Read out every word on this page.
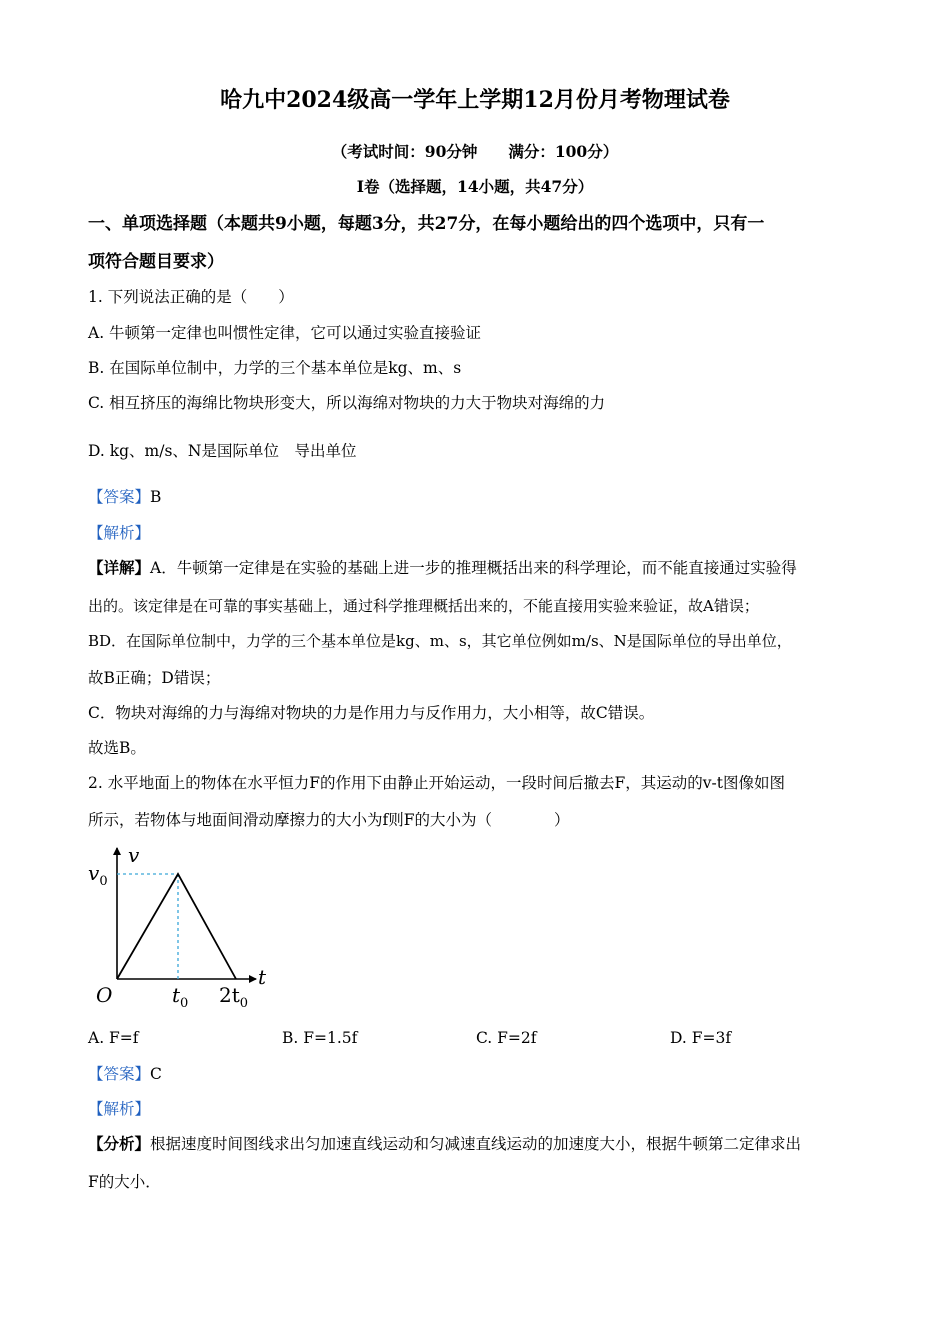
哈九中2024级高一学年上学期12月份月考物理试卷
（考试时间：90分钟　　满分：100分）
I卷（选择题，14小题，共47分）
一、单项选择题（本题共9小题，每题3分，共27分，在每小题给出的四个选项中，只有一
项符合题目要求）
1. 下列说法正确的是（　　）
A. 牛顿第一定律也叫惯性定律，它可以通过实验直接验证
B. 在国际单位制中，力学的三个基本单位是kg、m、s
C. 相互挤压的海绵比物块形变大，所以海绵对物块的力大于物块对海绵的力
D. kg、m/s、N是国际单位　导出单位
【答案】B
【解析】
【详解】A．牛顿第一定律是在实验的基础上进一步的推理概括出来的科学理论，而不能直接通过实验得
出的。该定律是在可靠的事实基础上，通过科学推理概括出来的，不能直接用实验来验证，故A错误；
BD．在国际单位制中，力学的三个基本单位是kg、m、s，其它单位例如m/s、N是国际单位的导出单位，
故B正确；D错误；
C．物块对海绵的力与海绵对物块的力是作用力与反作用力，大小相等，故C错误。
故选B。
2. 水平地面上的物体在水平恒力F的作用下由静止开始运动，一段时间后撤去F，其运动的v-t图像如图
所示，若物体与地面间滑动摩擦力的大小为f则F的大小为（　　　　）
v
t
$v_0$
O	$t_0$ $2t_0$
A. F=f	B. F=1.5f	C. F=2f	D. F=3f
【答案】C
【解析】
【分析】根据速度时间图线求出匀加速直线运动和匀减速直线运动的加速度大小，根据牛顿第二定律求出
F的大小．
